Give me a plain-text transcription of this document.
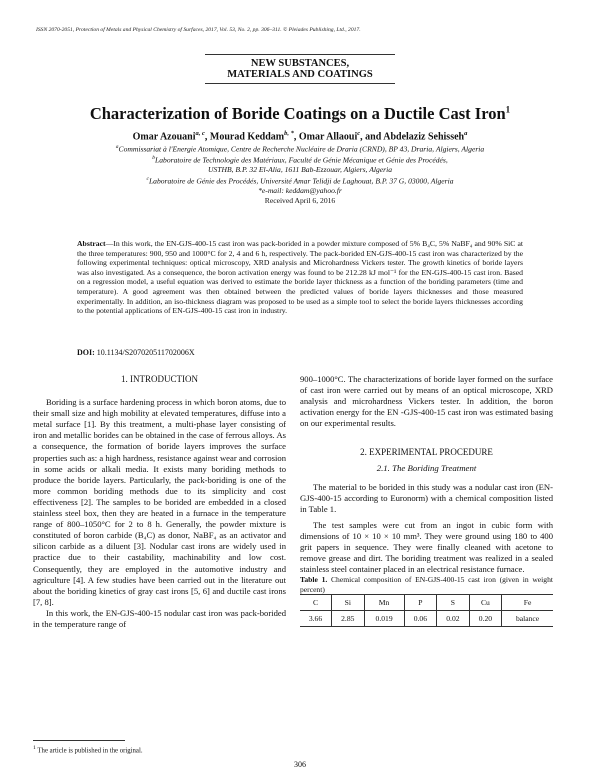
ISSN 2070-2051, Protection of Metals and Physical Chemistry of Surfaces, 2017, Vol. 53, No. 2, pp. 306–311. © Pleiades Publishing, Ltd., 2017.
NEW SUBSTANCES,
MATERIALS AND COATINGS
Characterization of Boride Coatings on a Ductile Cast Iron$^1$
Omar Azouani$^{a, c}$, Mourad Keddam$^{b, *}$, Omar Allaoui$^c$, and Abdelaziz Sehisseh$^a$

$^a$Commissariat à l'Energie Atomique, Centre de Recherche Nucléaire de Draria (CRND), BP 43, Draria, Algiers, Algeria

$^b$Laboratoire de Technologie des Matériaux, Faculté de Génie Mécanique et Génie des Procédés,

USTHB, B.P. 32 El-Alia, 1611 Bab-Ezzouar, Algiers, Algeria

$^c$Laboratoire de Génie des Procédés, Université Amar Telidji de Laghouat, B.P. 37 G, 03000, Algeria

*e-mail: keddam@yahoo.fr

Received April 6, 2016

Abstract—In this work, the EN-GJS-400-15 cast iron was pack-borided in a powder mixture composed of 5% B₄C, 5% NaBF₄ and 90% SiC at the three temperatures: 900, 950 and 1000°C for 2, 4 and 6 h, respectively. The pack-borided EN-GJS-400-15 cast iron was characterized by the following experimental techniques: optical microscopy, XRD analysis and Microhardness Vickers tester. The growth kinetics of boride layers was also investigated. As a consequence, the boron activation energy was found to be 212.28 kJ mol⁻¹ for the EN-GJS-400-15 cast iron. Based on a regression model, a useful equation was derived to estimate the boride layer thickness as a function of the boriding parameters (time and temperature). A good agreement was then obtained between the predicted values of boride layers thicknesses and those measured experimentally. In addition, an iso-thickness diagram was proposed to be used as a simple tool to select the boride layers thicknesses according to the potential applications of EN-GJS-400-15 cast iron in industry.
DOI: 10.1134/S207020511702006X
1. INTRODUCTION

Boriding is a surface hardening process in which boron atoms, due to their small size and high mobility at elevated temperatures, diffuse into a metal surface [1]. By this treatment, a multi-phase layer consisting of iron and metallic borides can be obtained in the case of ferrous alloys. As a consequence, the formation of boride layers improves the surface properties such as: a high hardness, resistance against wear and corrosion in some acids or alkali media. It exists many boriding methods to produce the boride layers. Particularly, the pack-boriding is one of the more common boriding methods due to its simplicity and cost effectiveness [2]. The samples to be borided are embedded in a closed stainless steel box, then they are heated in a furnace in the temperature range of 800–1050°C for 2 to 8 h. Generally, the powder mixture is constituted of boron carbide (B₄C) as donor, NaBF₄ as an activator and silicon carbide as a diluent [3]. Nodular cast irons are widely used in practice due to their castability, machinability and low cost. Consequently, they are employed in the automotive industry and agriculture [4]. A few studies have been carried out in the literature out about the boriding kinetics of gray cast irons [5, 6] and ductile cast irons [7, 8].

In this work, the EN-GJS-400-15 nodular cast iron was pack-borided in the temperature range of

900–1000°C. The characterizations of boride layer formed on the surface of cast iron were carried out by means of an optical microscope, XRD analysis and microhardness Vickers tester. In addition, the boron activation energy for the EN -GJS-400-15 cast iron was estimated basing on our experimental results.

2. EXPERIMENTAL PROCEDURE
2.1. The Boriding Treatment

The material to be borided in this study was a nodular cast iron (EN-GJS-400-15 according to Euronorm) with a chemical composition listed in Table 1.

The test samples were cut from an ingot in cubic form with dimensions of 10 × 10 × 10 mm³. They were ground using 180 to 400 grit papers in sequence. They were finally cleaned with acetone to remove grease and dirt. The boriding treatment was realized in a sealed stainless steel container placed in an electrical resistance furnace.

Table 1. Chemical composition of EN-GJS-400-15 cast iron (given in weight percent)

C	Si	Mn	P	S	Cu	Fe
3.66	2.85	0.019	0.06	0.02	0.20	balance
$^1$ The article is published in the original.
306
